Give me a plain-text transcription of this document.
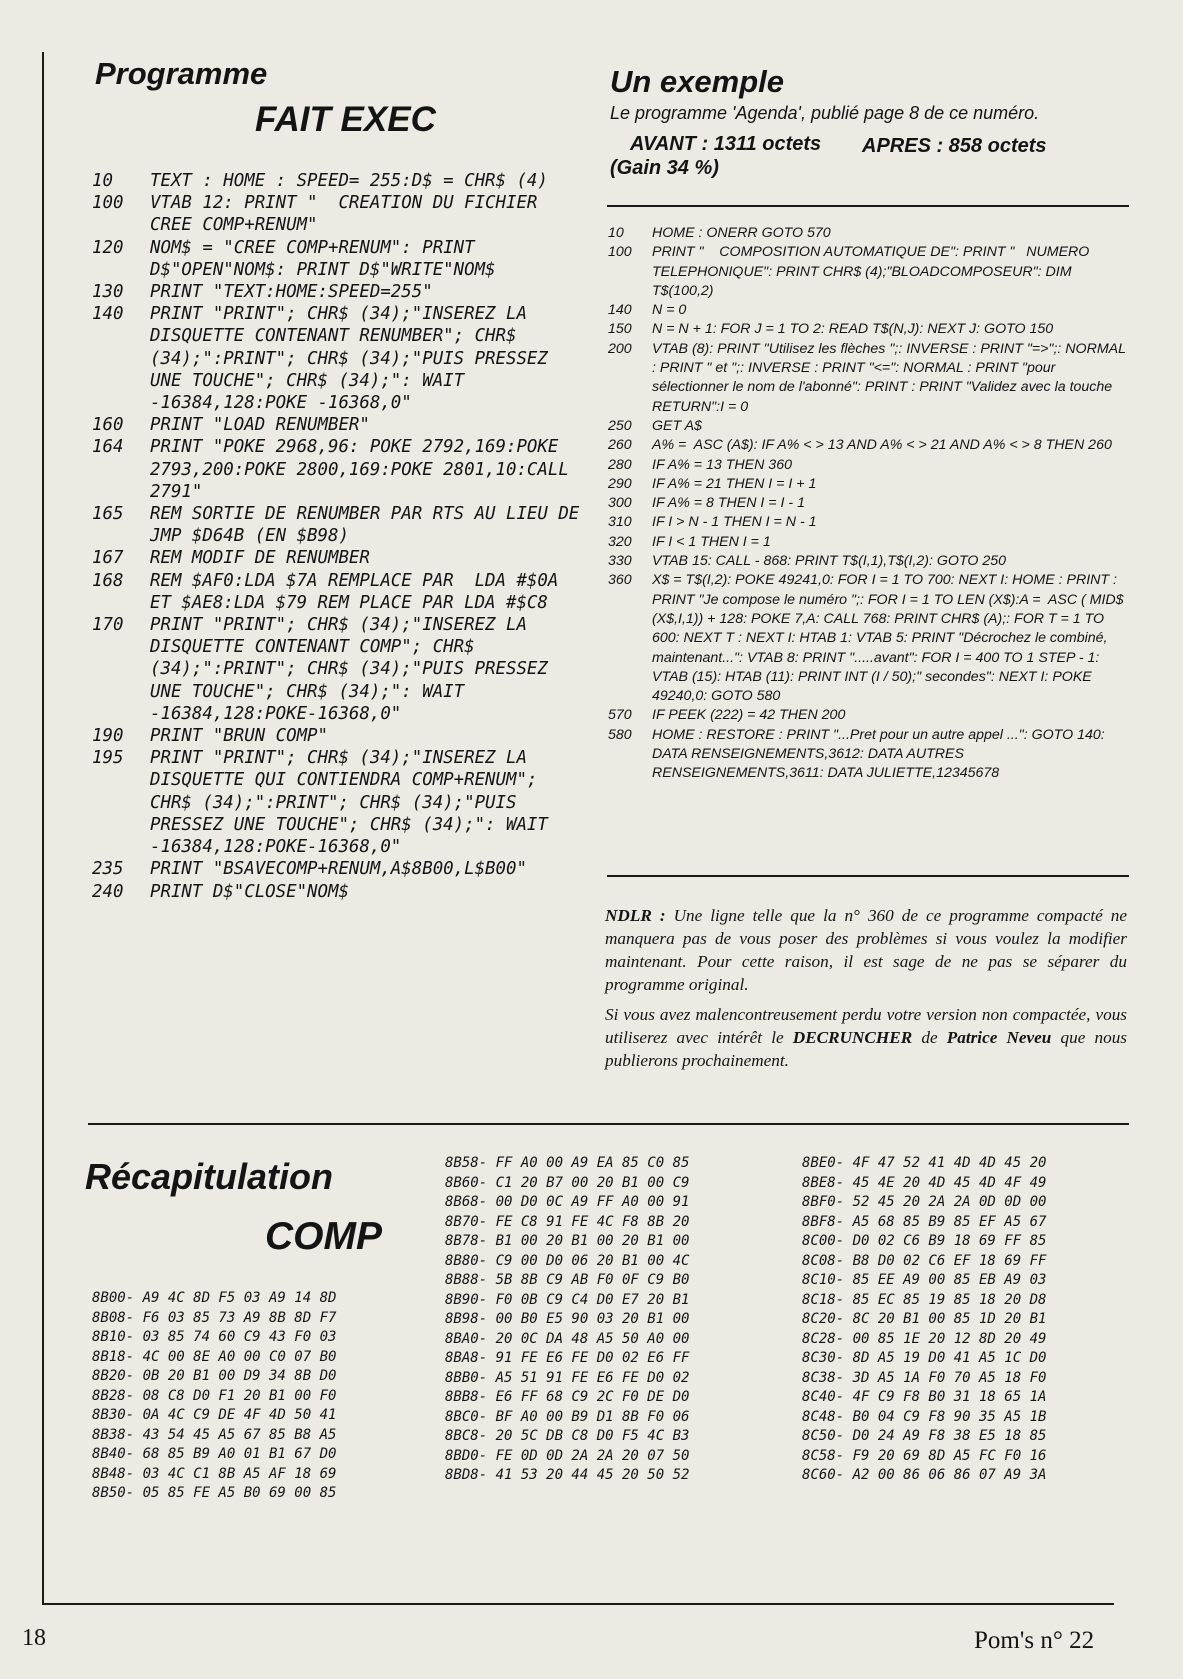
Programme
FAIT EXEC
10 TEXT : HOME : SPEED= 255:D$ = CHR$ (4)
100 VTAB 12: PRINT "  CREATION DU FICHIER CREE COMP+RENUM"
120 NOM$ = "CREE COMP+RENUM": PRINT D$"OPEN"NOM$: PRINT D$"WRITE"NOM$
130 PRINT "TEXT:HOME:SPEED=255"
140 PRINT "PRINT"; CHR$ (34);"INSEREZ LA DISQUETTE CONTENANT RENUMBER"; CHR$ (34);":PRINT"; CHR$ (34);"PUIS PRESSEZ UNE TOUCHE"; CHR$ (34);": WAIT -16384,128:POKE -16368,0"
160 PRINT "LOAD RENUMBER"
164 PRINT "POKE 2968,96: POKE 2792,169:POKE 2793,200:POKE 2800,169:POKE 2801,10:CALL 2791"
165 REM SORTIE DE RENUMBER PAR RTS AU LIEU DE JMP $D64B (EN $B98)
167 REM MODIF DE RENUMBER
168 REM $AF0:LDA $7A REMPLACE PAR  LDA #$0A ET $AE8:LDA $79 REM PLACE PAR LDA #$C8
170 PRINT "PRINT"; CHR$ (34);"INSEREZ LA DISQUETTE CONTENANT COMP"; CHR$ (34);":PRINT"; CHR$ (34);"PUIS PRESSEZ UNE TOUCHE"; CHR$ (34);": WAIT -16384,128:POKE-16368,0"
190 PRINT "BRUN COMP"
195 PRINT "PRINT"; CHR$ (34);"INSEREZ LA DISQUETTE QUI CONTIENDRA COMP+RENUM"; CHR$ (34);":PRINT"; CHR$ (34);"PUIS PRESSEZ UNE TOUCHE"; CHR$ (34);": WAIT -16384,128:POKE-16368,0"
235 PRINT "BSAVECOMP+RENUM,A$8B00,L$B00"
240 PRINT D$"CLOSE"NOM$
Un exemple

Le programme 'Agenda', publié page 8 de ce numéro.

AVANT : 1311 octets APRES : 858 octets

(Gain 34 %)

10 HOME : ONERR GOTO 570
100 PRINT "    COMPOSITION AUTOMATIQUE DE": PRINT "   NUMERO TELEPHONIQUE": PRINT CHR$ (4);"BLOADCOMPOSEUR": DIM T$(100,2)
140 N = 0
150 N = N + 1: FOR J = 1 TO 2: READ T$(N,J): NEXT J: GOTO 150
200 VTAB (8): PRINT "Utilisez les flèches ";: INVERSE : PRINT "=>";: NORMAL : PRINT " et ";: INVERSE : PRINT "<=": NORMAL : PRINT "pour sélectionner le nom de l'abonné": PRINT : PRINT "Validez avec la touche RETURN":I = 0
250 GET A$
260 A% =  ASC (A$): IF A% < > 13 AND A% < > 21 AND A% < > 8 THEN 260
280 IF A% = 13 THEN 360
290 IF A% = 21 THEN I = I + 1
300 IF A% = 8 THEN I = I - 1
310 IF I > N - 1 THEN I = N - 1
320 IF I < 1 THEN I = 1
330 VTAB 15: CALL - 868: PRINT T$(I,1),T$(I,2): GOTO 250
360 X$ = T$(I,2): POKE 49241,0: FOR I = 1 TO 700: NEXT I: HOME : PRINT : PRINT "Je compose le numéro ";: FOR I = 1 TO LEN (X$):A =  ASC ( MID$ (X$,I,1)) + 128: POKE 7,A: CALL 768: PRINT CHR$ (A);: FOR T = 1 TO 600: NEXT T : NEXT I: HTAB 1: VTAB 5: PRINT "Décrochez le combiné, maintenant...": VTAB 8: PRINT ".....avant": FOR I = 400 TO 1 STEP - 1: VTAB (15): HTAB (11): PRINT INT (I / 50);" secondes": NEXT I: POKE 49240,0: GOTO 580
570 IF PEEK (222) = 42 THEN 200
580 HOME : RESTORE : PRINT "...Pret pour un autre appel ...": GOTO 140: DATA RENSEIGNEMENTS,3612: DATA AUTRES RENSEIGNEMENTS,3611: DATA JULIETTE,12345678
NDLR : Une ligne telle que la n° 360 de ce programme compacté ne manquera pas de vous poser des problèmes si vous voulez la modifier maintenant. Pour cette raison, il est sage de ne pas se séparer du programme original.
Si vous avez malencontreusement perdu votre version non compactée, vous utiliserez avec intérêt le DECRUNCHER de Patrice Neveu que nous publierons prochainement.
Récapitulation
COMP
8B00- A9 4C 8D F5 03 A9 14 8D
8B08- F6 03 85 73 A9 8B 8D F7
8B10- 03 85 74 60 C9 43 F0 03
8B18- 4C 00 8E A0 00 C0 07 B0
8B20- 0B 20 B1 00 D9 34 8B D0
8B28- 08 C8 D0 F1 20 B1 00 F0
8B30- 0A 4C C9 DE 4F 4D 50 41
8B38- 43 54 45 A5 67 85 B8 A5
8B40- 68 85 B9 A0 01 B1 67 D0
8B48- 03 4C C1 8B A5 AF 18 69
8B50- 05 85 FE A5 B0 69 00 85
8B58- FF A0 00 A9 EA 85 C0 85
8B60- C1 20 B7 00 20 B1 00 C9
8B68- 00 D0 0C A9 FF A0 00 91
8B70- FE C8 91 FE 4C F8 8B 20
8B78- B1 00 20 B1 00 20 B1 00
8B80- C9 00 D0 06 20 B1 00 4C
8B88- 5B 8B C9 AB F0 0F C9 B0
8B90- F0 0B C9 C4 D0 E7 20 B1
8B98- 00 B0 E5 90 03 20 B1 00
8BA0- 20 0C DA 48 A5 50 A0 00
8BA8- 91 FE E6 FE D0 02 E6 FF
8BB0- A5 51 91 FE E6 FE D0 02
8BB8- E6 FF 68 C9 2C F0 DE D0
8BC0- BF A0 00 B9 D1 8B F0 06
8BC8- 20 5C DB C8 D0 F5 4C B3
8BD0- FE 0D 0D 2A 2A 20 07 50
8BD8- 41 53 20 44 45 20 50 52
8BE0- 4F 47 52 41 4D 4D 45 20
8BE8- 45 4E 20 4D 45 4D 4F 49
8BF0- 52 45 20 2A 2A 0D 0D 00
8BF8- A5 68 85 B9 85 EF A5 67
8C00- D0 02 C6 B9 18 69 FF 85
8C08- B8 D0 02 C6 EF 18 69 FF
8C10- 85 EE A9 00 85 EB A9 03
8C18- 85 EC 85 19 85 18 20 D8
8C20- 8C 20 B1 00 85 1D 20 B1
8C28- 00 85 1E 20 12 8D 20 49
8C30- 8D A5 19 D0 41 A5 1C D0
8C38- 3D A5 1A F0 70 A5 18 F0
8C40- 4F C9 F8 B0 31 18 65 1A
8C48- B0 04 C9 F8 90 35 A5 1B
8C50- D0 24 A9 F8 38 E5 18 85
8C58- F9 20 69 8D A5 FC F0 16
8C60- A2 00 86 06 86 07 A9 3A

18	Pom's n° 22
